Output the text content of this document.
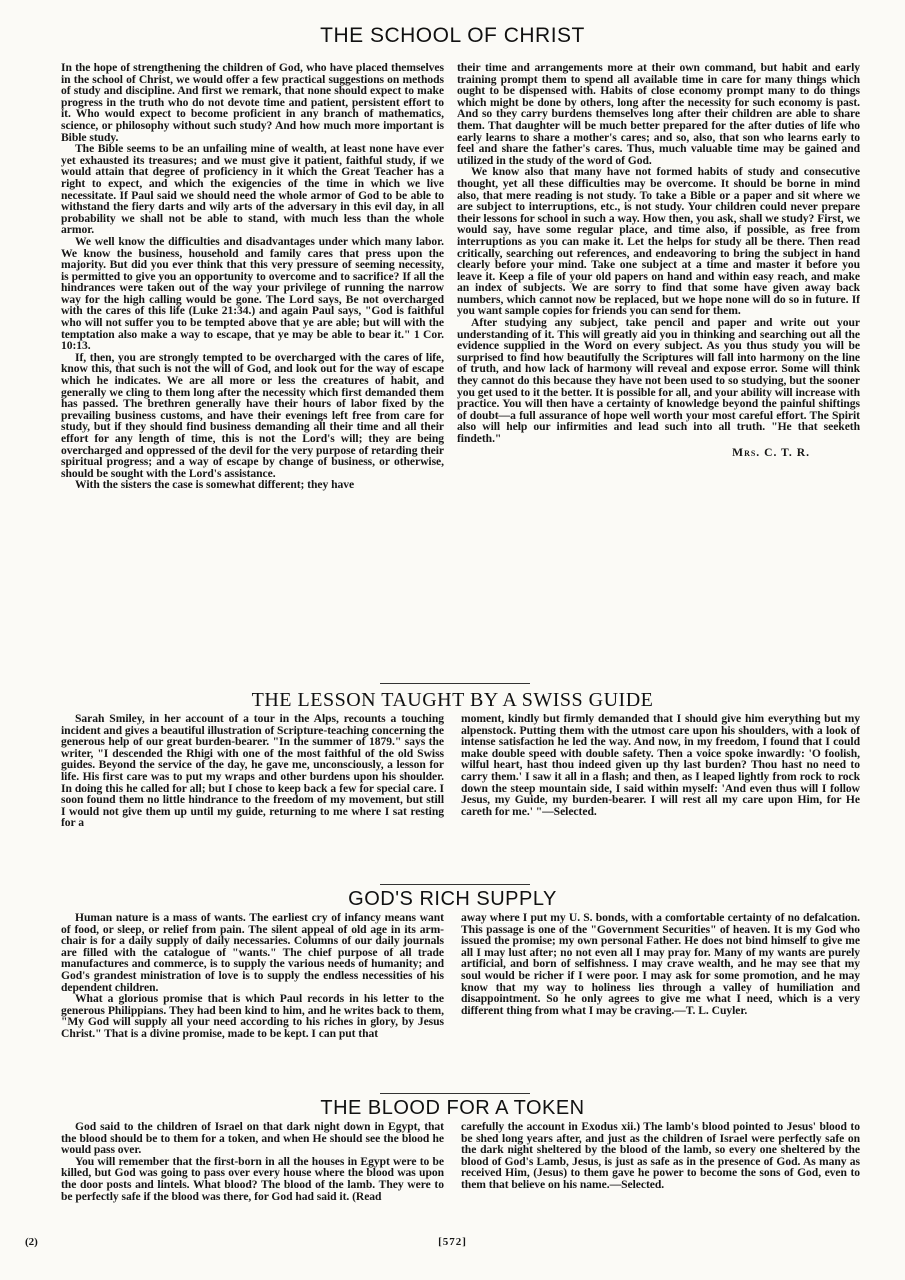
THE SCHOOL OF CHRIST

In the hope of strengthening the children of God, who have placed themselves in the school of Christ, we would offer a few practical suggestions on methods of study and discipline. And first we remark, that none should expect to make progress in the truth who do not devote time and patient, persistent effort to it. Who would expect to become proficient in any branch of mathematics, science, or philosophy without such study? And how much more important is Bible study.

The Bible seems to be an unfailing mine of wealth, at least none have ever yet exhausted its treasures; and we must give it patient, faithful study, if we would attain that degree of proficiency in it which the Great Teacher has a right to expect, and which the exigencies of the time in which we live necessitate. If Paul said we should need the whole armor of God to be able to withstand the fiery darts and wily arts of the adversary in this evil day, in all probability we shall not be able to stand, with much less than the whole armor.

We well know the difficulties and disadvantages under which many labor. We know the business, household and family cares that press upon the majority. But did you ever think that this very pressure of seeming necessity, is permitted to give you an opportunity to overcome and to sacrifice? If all the hindrances were taken out of the way your privilege of running the narrow way for the high calling would be gone. The Lord says, Be not overcharged with the cares of this life (Luke 21:34.) and again Paul says, "God is faithful who will not suffer you to be tempted above that ye are able; but will with the temptation also make a way to escape, that ye may be able to bear it." 1 Cor. 10:13.

If, then, you are strongly tempted to be overcharged with the cares of life, know this, that such is not the will of God, and look out for the way of escape which he indicates. We are all more or less the creatures of habit, and generally we cling to them long after the necessity which first demanded them has passed. The brethren generally have their hours of labor fixed by the prevailing business customs, and have their evenings left free from care for study, but if they should find business demanding all their time and all their effort for any length of time, this is not the Lord's will; they are being overcharged and oppressed of the devil for the very purpose of retarding their spiritual progress; and a way of escape by change of business, or otherwise, should be sought with the Lord's assistance.

With the sisters the case is somewhat different; they have

their time and arrangements more at their own command, but habit and early training prompt them to spend all available time in care for many things which ought to be dispensed with. Habits of close economy prompt many to do things which might be done by others, long after the necessity for such economy is past. And so they carry burdens themselves long after their children are able to share them. That daughter will be much better prepared for the after duties of life who early learns to share a mother's cares; and so, also, that son who learns early to feel and share the father's cares. Thus, much valuable time may be gained and utilized in the study of the word of God.

We know also that many have not formed habits of study and consecutive thought, yet all these difficulties may be overcome. It should be borne in mind also, that mere reading is not study. To take a Bible or a paper and sit where we are subject to interruptions, etc., is not study. Your children could never prepare their lessons for school in such a way. How then, you ask, shall we study? First, we would say, have some regular place, and time also, if possible, as free from interruptions as you can make it. Let the helps for study all be there. Then read critically, searching out references, and endeavoring to bring the subject in hand clearly before your mind. Take one subject at a time and master it before you leave it. Keep a file of your old papers on hand and within easy reach, and make an index of subjects. We are sorry to find that some have given away back numbers, which cannot now be replaced, but we hope none will do so in future. If you want sample copies for friends you can send for them.

After studying any subject, take pencil and paper and write out your understanding of it. This will greatly aid you in thinking and searching out all the evidence supplied in the Word on every subject. As you thus study you will be surprised to find how beautifully the Scriptures will fall into harmony on the line of truth, and how lack of harmony will reveal and expose error. Some will think they cannot do this because they have not been used to so studying, but the sooner you get used to it the better. It is possible for all, and your ability will increase with practice. You will then have a certainty of knowledge beyond the painful shiftings of doubt—a full assurance of hope well worth your most careful effort. The Spirit also will help our infirmities and lead such into all truth. "He that seeketh findeth."

Mrs. C. T. R.
THE LESSON TAUGHT BY A SWISS GUIDE

Sarah Smiley, in her account of a tour in the Alps, recounts a touching incident and gives a beautiful illustration of Scripture-teaching concerning the generous help of our great burden-bearer. "In the summer of 1879." says the writer, "I descended the Rhigi with one of the most faithful of the old Swiss guides. Beyond the service of the day, he gave me, unconsciously, a lesson for life. His first care was to put my wraps and other burdens upon his shoulder. In doing this he called for all; but I chose to keep back a few for special care. I soon found them no little hindrance to the freedom of my movement, but still I would not give them up until my guide, returning to me where I sat resting for a

moment, kindly but firmly demanded that I should give him everything but my alpenstock. Putting them with the utmost care upon his shoulders, with a look of intense satisfaction he led the way. And now, in my freedom, I found that I could make double speed with double safety. Then a voice spoke inwardly: 'O foolish, wilful heart, hast thou indeed given up thy last burden? Thou hast no need to carry them.' I saw it all in a flash; and then, as I leaped lightly from rock to rock down the steep mountain side, I said within myself: 'And even thus will I follow Jesus, my Guide, my burden-bearer. I will rest all my care upon Him, for He careth for me.' "—Selected.

GOD'S RICH SUPPLY

Human nature is a mass of wants. The earliest cry of infancy means want of food, or sleep, or relief from pain. The silent appeal of old age in its arm-chair is for a daily supply of daily necessaries. Columns of our daily journals are filled with the catalogue of "wants." The chief purpose of all trade manufactures and commerce, is to supply the various needs of humanity; and God's grandest ministration of love is to supply the endless necessities of his dependent children.

What a glorious promise that is which Paul records in his letter to the generous Philippians. They had been kind to him, and he writes back to them, "My God will supply all your need according to his riches in glory, by Jesus Christ." That is a divine promise, made to be kept. I can put that

away where I put my U. S. bonds, with a comfortable certainty of no defalcation. This passage is one of the "Government Securities" of heaven. It is my God who issued the promise; my own personal Father. He does not bind himself to give me all I may lust after; no not even all I may pray for. Many of my wants are purely artificial, and born of selfishness. I may crave wealth, and he may see that my soul would be richer if I were poor. I may ask for some promotion, and he may know that my way to holiness lies through a valley of humiliation and disappointment. So he only agrees to give me what I need, which is a very different thing from what I may be craving.—T. L. Cuyler.

THE BLOOD FOR A TOKEN

God said to the children of Israel on that dark night down in Egypt, that the blood should be to them for a token, and when He should see the blood he would pass over.

You will remember that the first-born in all the houses in Egypt were to be killed, but God was going to pass over every house where the blood was upon the door posts and lintels. What blood? The blood of the lamb. They were to be perfectly safe if the blood was there, for God had said it. (Read

carefully the account in Exodus xii.) The lamb's blood pointed to Jesus' blood to be shed long years after, and just as the children of Israel were perfectly safe on the dark night sheltered by the blood of the lamb, so every one sheltered by the blood of God's Lamb, Jesus, is just as safe as in the presence of God. As many as received Him, (Jesus) to them gave he power to become the sons of God, even to them that believe on his name.—Selected.

(2)	[572]
